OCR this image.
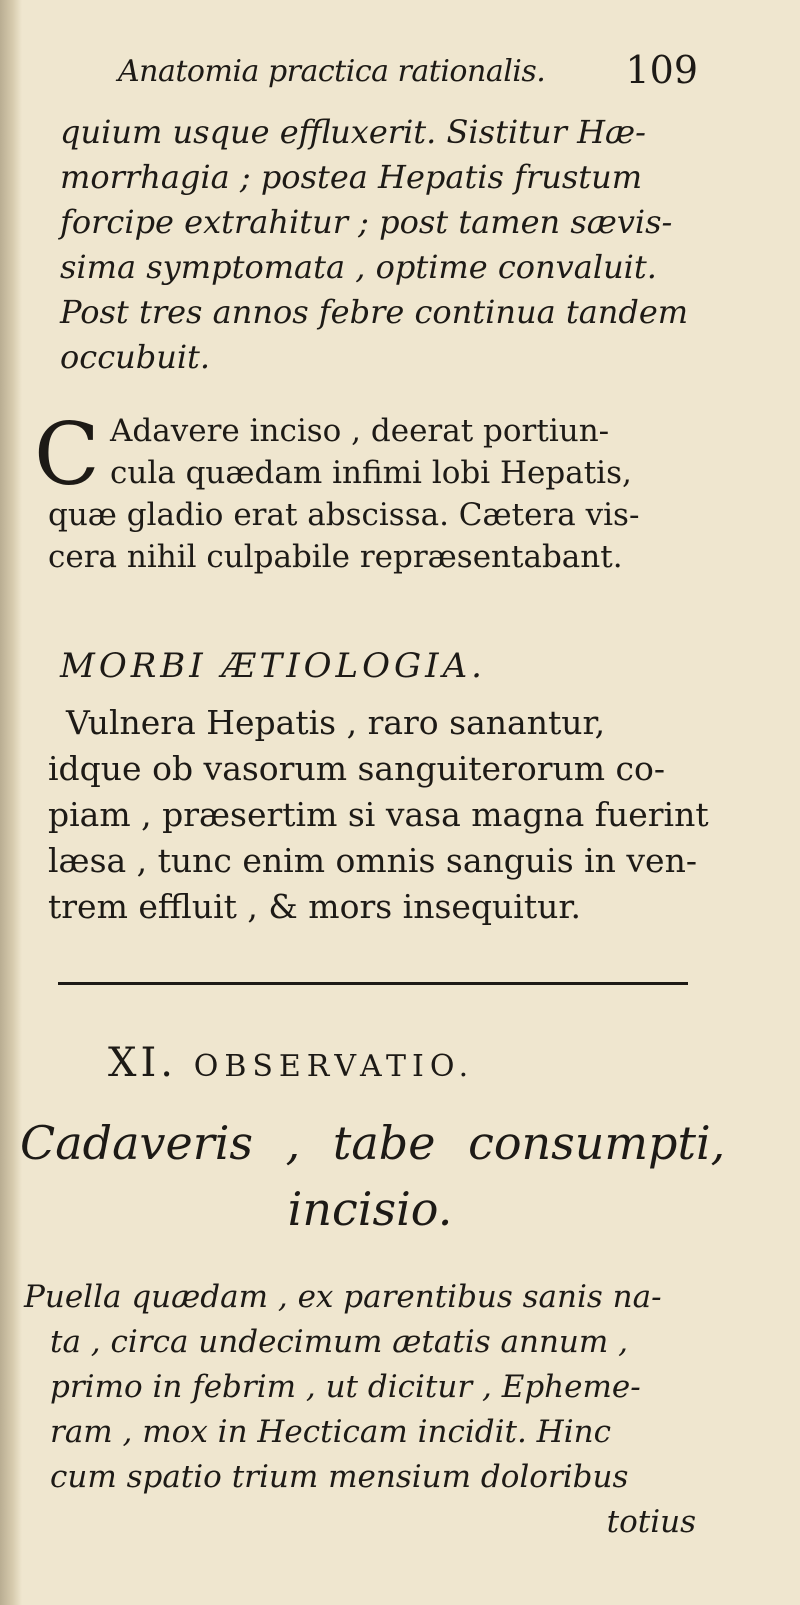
Anatomia practica rationalis. 109
quium usque effluxerit. Sistitur Hæ-
morrhagia ; postea Hepatis frustum
forcipe extrahitur ; post tamen sævis-
sima symptomata , optime convaluit.
Post tres annos febre continua tandem
occubuit.
C Adavere inciso , deerat portiun-
cula quædam infimi lobi Hepatis,
quæ gladio erat abscissa. Cætera vis-
cera nihil culpabile repræsentabant.
MORBI ÆTIOLOGIA.
Vulnera Hepatis , raro sanantur,
idque ob vasorum sanguiterorum co-
piam , præsertim si vasa magna fuerint
læsa , tunc enim omnis sanguis in ven-
trem effluit , & mors insequitur.
XI. OBSERVATIO.
Cadaveris , tabe consumpti,
incisio.
Puella quædam , ex parentibus sanis na-
ta , circa undecimum ætatis annum ,
primo in febrim , ut dicitur , Epheme-
ram , mox in Hecticam incidit. Hinc
cum spatio trium mensium doloribus
totius
